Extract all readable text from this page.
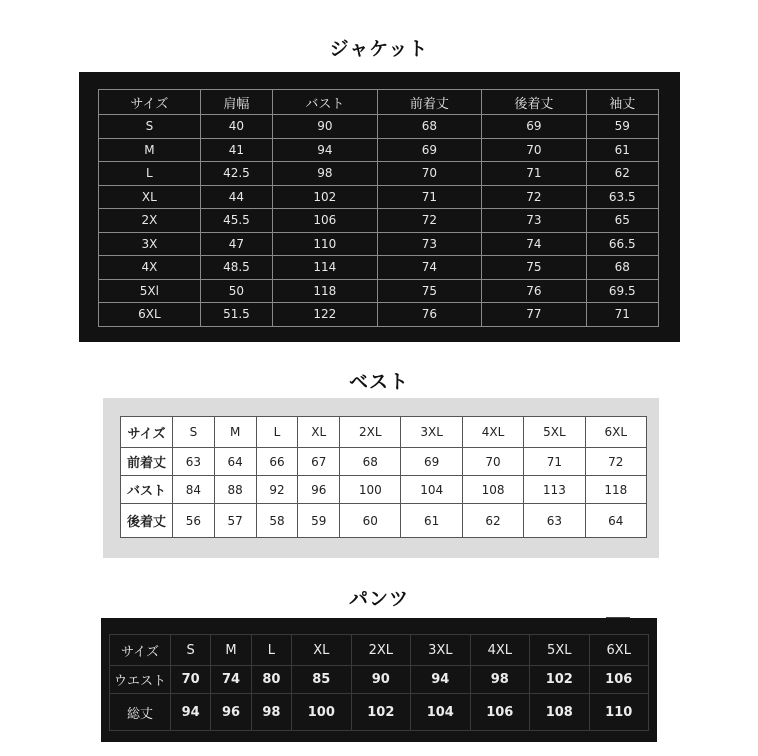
ジャケット
サイズ	肩幅	バスト	前着丈	後着丈	袖丈
S	40	90	68	69	59
M	41	94	69	70	61
L	42.5	98	70	71	62
XL	44	102	71	72	63.5
2X	45.5	106	72	73	65
3X	47	110	73	74	66.5
4X	48.5	114	74	75	68
5Xl	50	118	75	76	69.5
6XL	51.5	122	76	77	71
ベスト
サイズ	S	M	L	XL	2XL	3XL	4XL	5XL	6XL
前着丈	63	64	66	67	68	69	70	71	72
バスト	84	88	92	96	100	104	108	113	118
後着丈	56	57	58	59	60	61	62	63	64
パンツ
サイズ	S	M	L	XL	2XL	3XL	4XL	5XL	6XL
ウエスト	70	74	80	85	90	94	98	102	106
総丈	94	96	98	100	102	104	106	108	110
